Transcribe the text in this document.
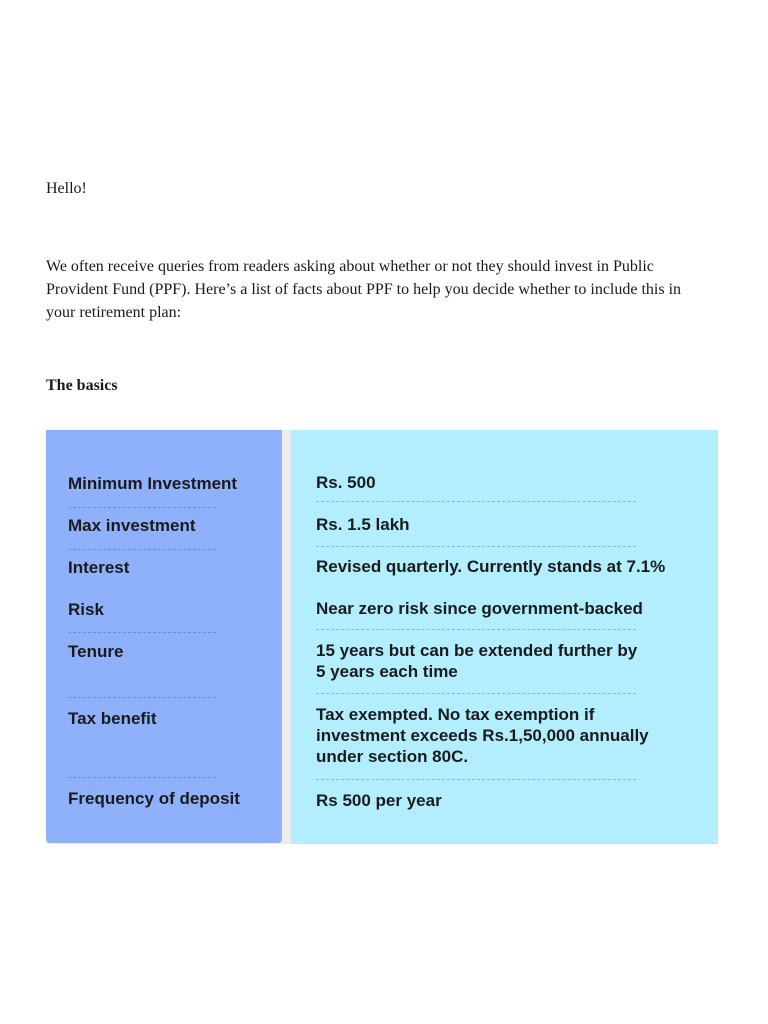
Hello!

We often receive queries from readers asking about whether or not they should invest in Public Provident Fund (PPF). Here’s a list of facts about PPF to help you decide whether to include this in your retirement plan:

The basics

Minimum Investment
Max investment
Interest
Risk
Tenure
Tax benefit
Frequency of deposit
Rs. 500
Rs. 1.5 lakh
Revised quarterly. Currently stands at 7.1%
Near zero risk since government-backed
15 years but can be extended further by
5 years each time
Tax exempted. No tax exemption if
investment exceeds Rs.1,50,000 annually
under section 80C.
Rs 500 per year
